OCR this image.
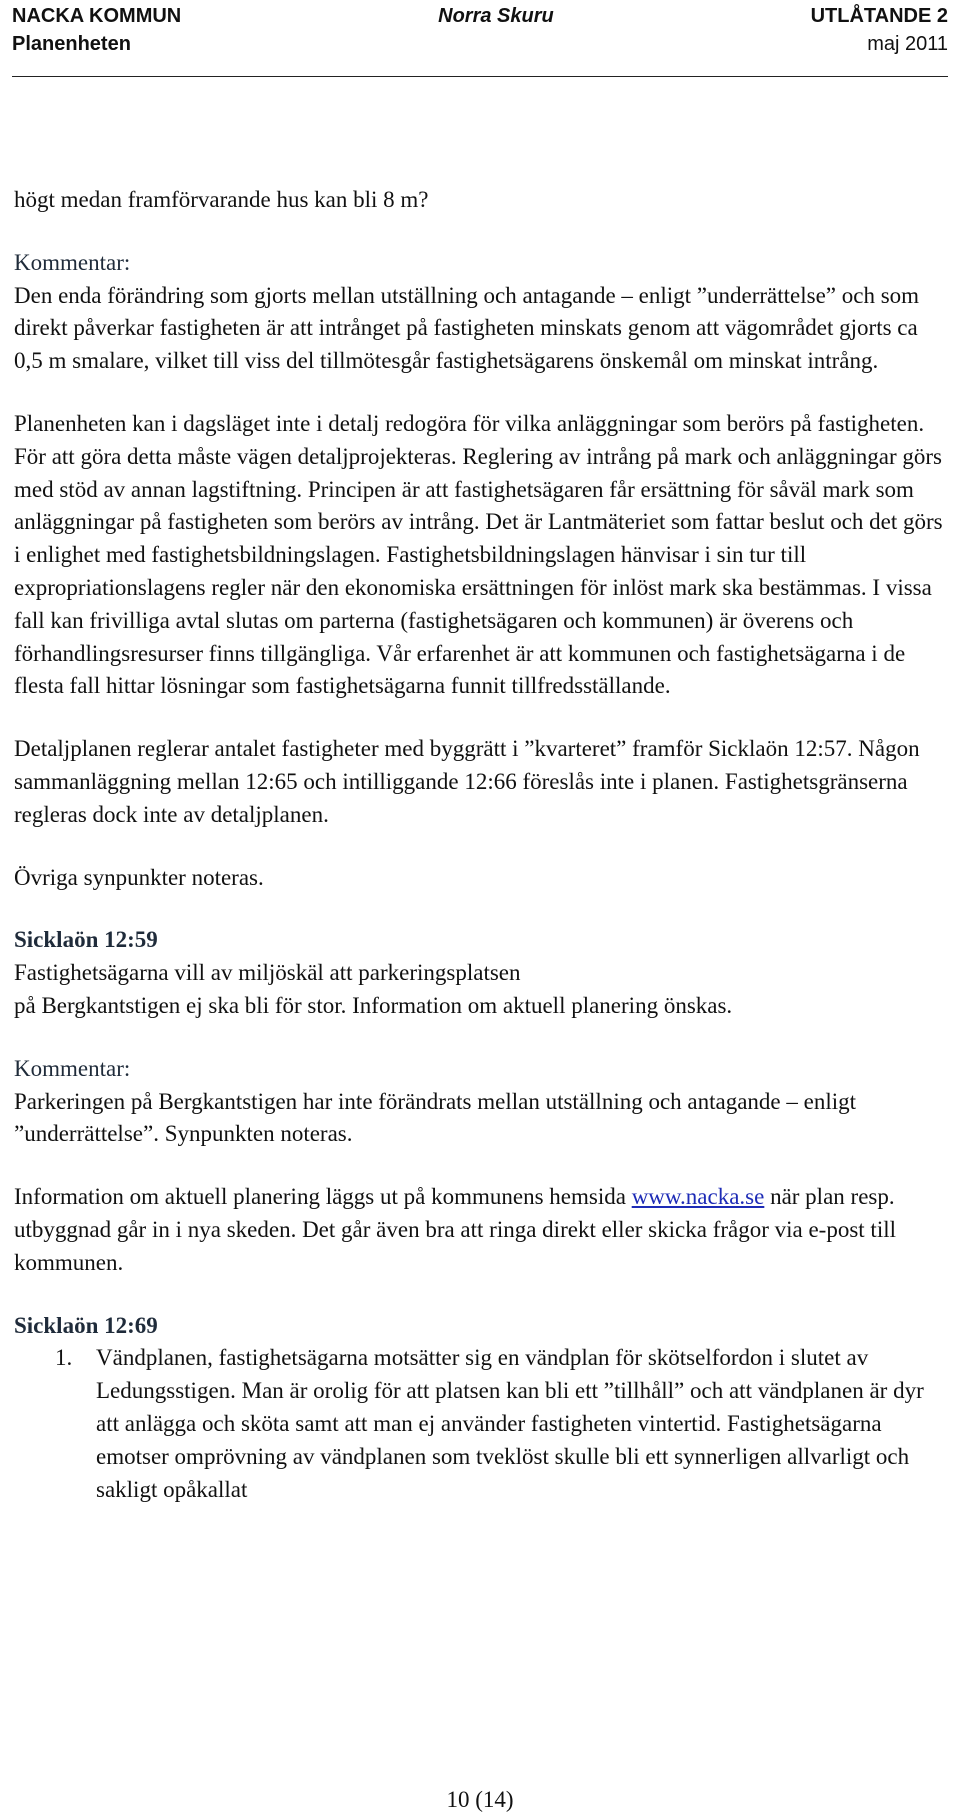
NACKA KOMMUN	Norra Skuru	UTLÅTANDE 2
Planenheten	maj 2011

högt medan framförvarande hus kan bli 8 m?

Kommentar:

Den enda förändring som gjorts mellan utställning och antagande – enligt ”underrättelse” och som direkt påverkar fastigheten är att intrånget på fastigheten minskats genom att vägområdet gjorts ca 0,5 m smalare, vilket till viss del tillmötesgår fastighetsägarens önskemål om minskat intrång.

Planenheten kan i dagsläget inte i detalj redogöra för vilka anläggningar som berörs på fastigheten. För att göra detta måste vägen detaljprojekteras. Reglering av intrång på mark och anläggningar görs med stöd av annan lagstiftning. Principen är att fastighetsägaren får ersättning för såväl mark som anläggningar på fastigheten som berörs av intrång. Det är Lantmäteriet som fattar beslut och det görs i enlighet med fastighetsbildningslagen. Fastighetsbildningslagen hänvisar i sin tur till expropriationslagens regler när den ekonomiska ersättningen för inlöst mark ska bestämmas. I vissa fall kan frivilliga avtal slutas om parterna (fastighetsägaren och kommunen) är överens och förhandlingsresurser finns tillgängliga. Vår erfarenhet är att kommunen och fastighetsägarna i de flesta fall hittar lösningar som fastighetsägarna funnit tillfredsställande.

Detaljplanen reglerar antalet fastigheter med byggrätt i ”kvarteret” framför Sicklaön 12:57. Någon sammanläggning mellan 12:65 och intilliggande 12:66 föreslås inte i planen. Fastighetsgränserna regleras dock inte av detaljplanen.

Övriga synpunkter noteras.

Sicklaön 12:59

Fastighetsägarna vill av miljöskäl att parkeringsplatsen

på Bergkantstigen ej ska bli för stor. Information om aktuell planering önskas.

Kommentar:

Parkeringen på Bergkantstigen har inte förändrats mellan utställning och antagande – enligt ”underrättelse”. Synpunkten noteras.

Information om aktuell planering läggs ut på kommunens hemsida www.nacka.se när plan resp. utbyggnad går in i nya skeden. Det går även bra att ringa direkt eller skicka frågor via e-post till kommunen.

Sicklaön 12:69

1. Vändplanen, fastighetsägarna motsätter sig en vändplan för skötselfordon i slutet av Ledungsstigen. Man är orolig för att platsen kan bli ett ”tillhåll” och att vändplanen är dyr att anlägga och sköta samt att man ej använder fastigheten vintertid. Fastighetsägarna emotser omprövning av vändplanen som tveklöst skulle bli ett synnerligen allvarligt och sakligt opåkallat
10 (14)
